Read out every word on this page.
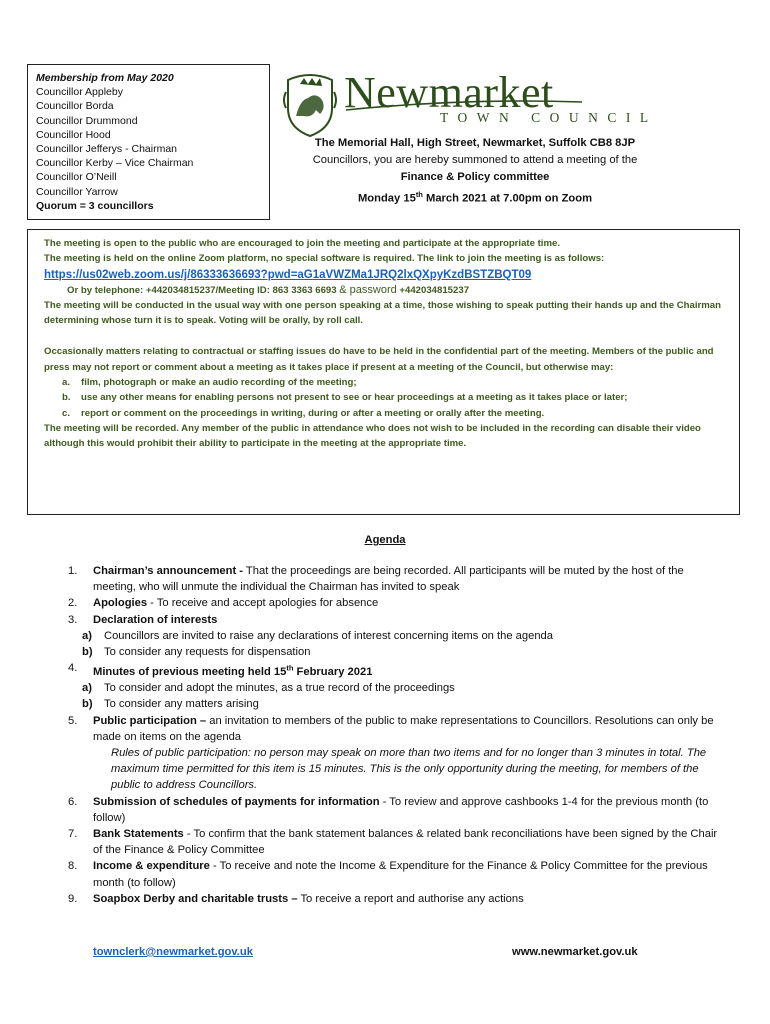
Membership from May 2020
Councillor Appleby
Councillor Borda
Councillor Drummond
Councillor Hood
Councillor Jefferys - Chairman
Councillor Kerby – Vice Chairman
Councillor O’Neill
Councillor Yarrow
Quorum = 3 councillors
Newmarket
TOWN COUNCIL
The Memorial Hall, High Street, Newmarket, Suffolk CB8 8JP
Councillors, you are hereby summoned to attend a meeting of the
Finance & Policy committee
Monday 15th March 2021 at 7.00pm on Zoom

The meeting is open to the public who are encouraged to join the meeting and participate at the appropriate time.

The meeting is held on the online Zoom platform, no special software is required. The link to join the meeting is as follows:

https://us02web.zoom.us/j/86333636693?pwd=aG1aVWZMa1JRQ2lxQXpyKzdBSTZBQT09

Or by telephone: +442034815237/Meeting ID: 863 3363 6693 & password +442034815237

The meeting will be conducted in the usual way with one person speaking at a time, those wishing to speak putting their hands up and the Chairman determining whose turn it is to speak. Voting will be orally, by roll call.

Occasionally matters relating to contractual or staffing issues do have to be held in the confidential part of the meeting. Members of the public and press may not report or comment about a meeting as it takes place if present at a meeting of the Council, but otherwise may:

a. film, photograph or make an audio recording of the meeting;
b. use any other means for enabling persons not present to see or hear proceedings at a meeting as it takes place or later;
c. report or comment on the proceedings in writing, during or after a meeting or orally after the meeting.

The meeting will be recorded. Any member of the public in attendance who does not wish to be included in the recording can disable their video although this would prohibit their ability to participate in the meeting at the appropriate time.

Agenda
1. Chairman’s announcement - That the proceedings are being recorded. All participants will be muted by the host of the meeting, who will unmute the individual the Chairman has invited to speak
2. Apologies - To receive and accept apologies for absence
3. Declaration of interests
a) Councillors are invited to raise any declarations of interest concerning items on the agenda
b) To consider any requests for dispensation
4. Minutes of previous meeting held 15th February 2021
a) To consider and adopt the minutes, as a true record of the proceedings
b) To consider any matters arising
5. Public participation – an invitation to members of the public to make representations to Councillors. Resolutions can only be made on items on the agenda
Rules of public participation: no person may speak on more than two items and for no longer than 3 minutes in total. The maximum time permitted for this item is 15 minutes. This is the only opportunity during the meeting, for members of the public to address Councillors.
6. Submission of schedules of payments for information - To review and approve cashbooks 1-4 for the previous month (to follow)
7. Bank Statements - To confirm that the bank statement balances & related bank reconciliations have been signed by the Chair of the Finance & Policy Committee
8. Income & expenditure - To receive and note the Income & Expenditure for the Finance & Policy Committee for the previous month (to follow)
9. Soapbox Derby and charitable trusts – To receive a report and authorise any actions
townclerk@newmarket.gov.uk	www.newmarket.gov.uk
